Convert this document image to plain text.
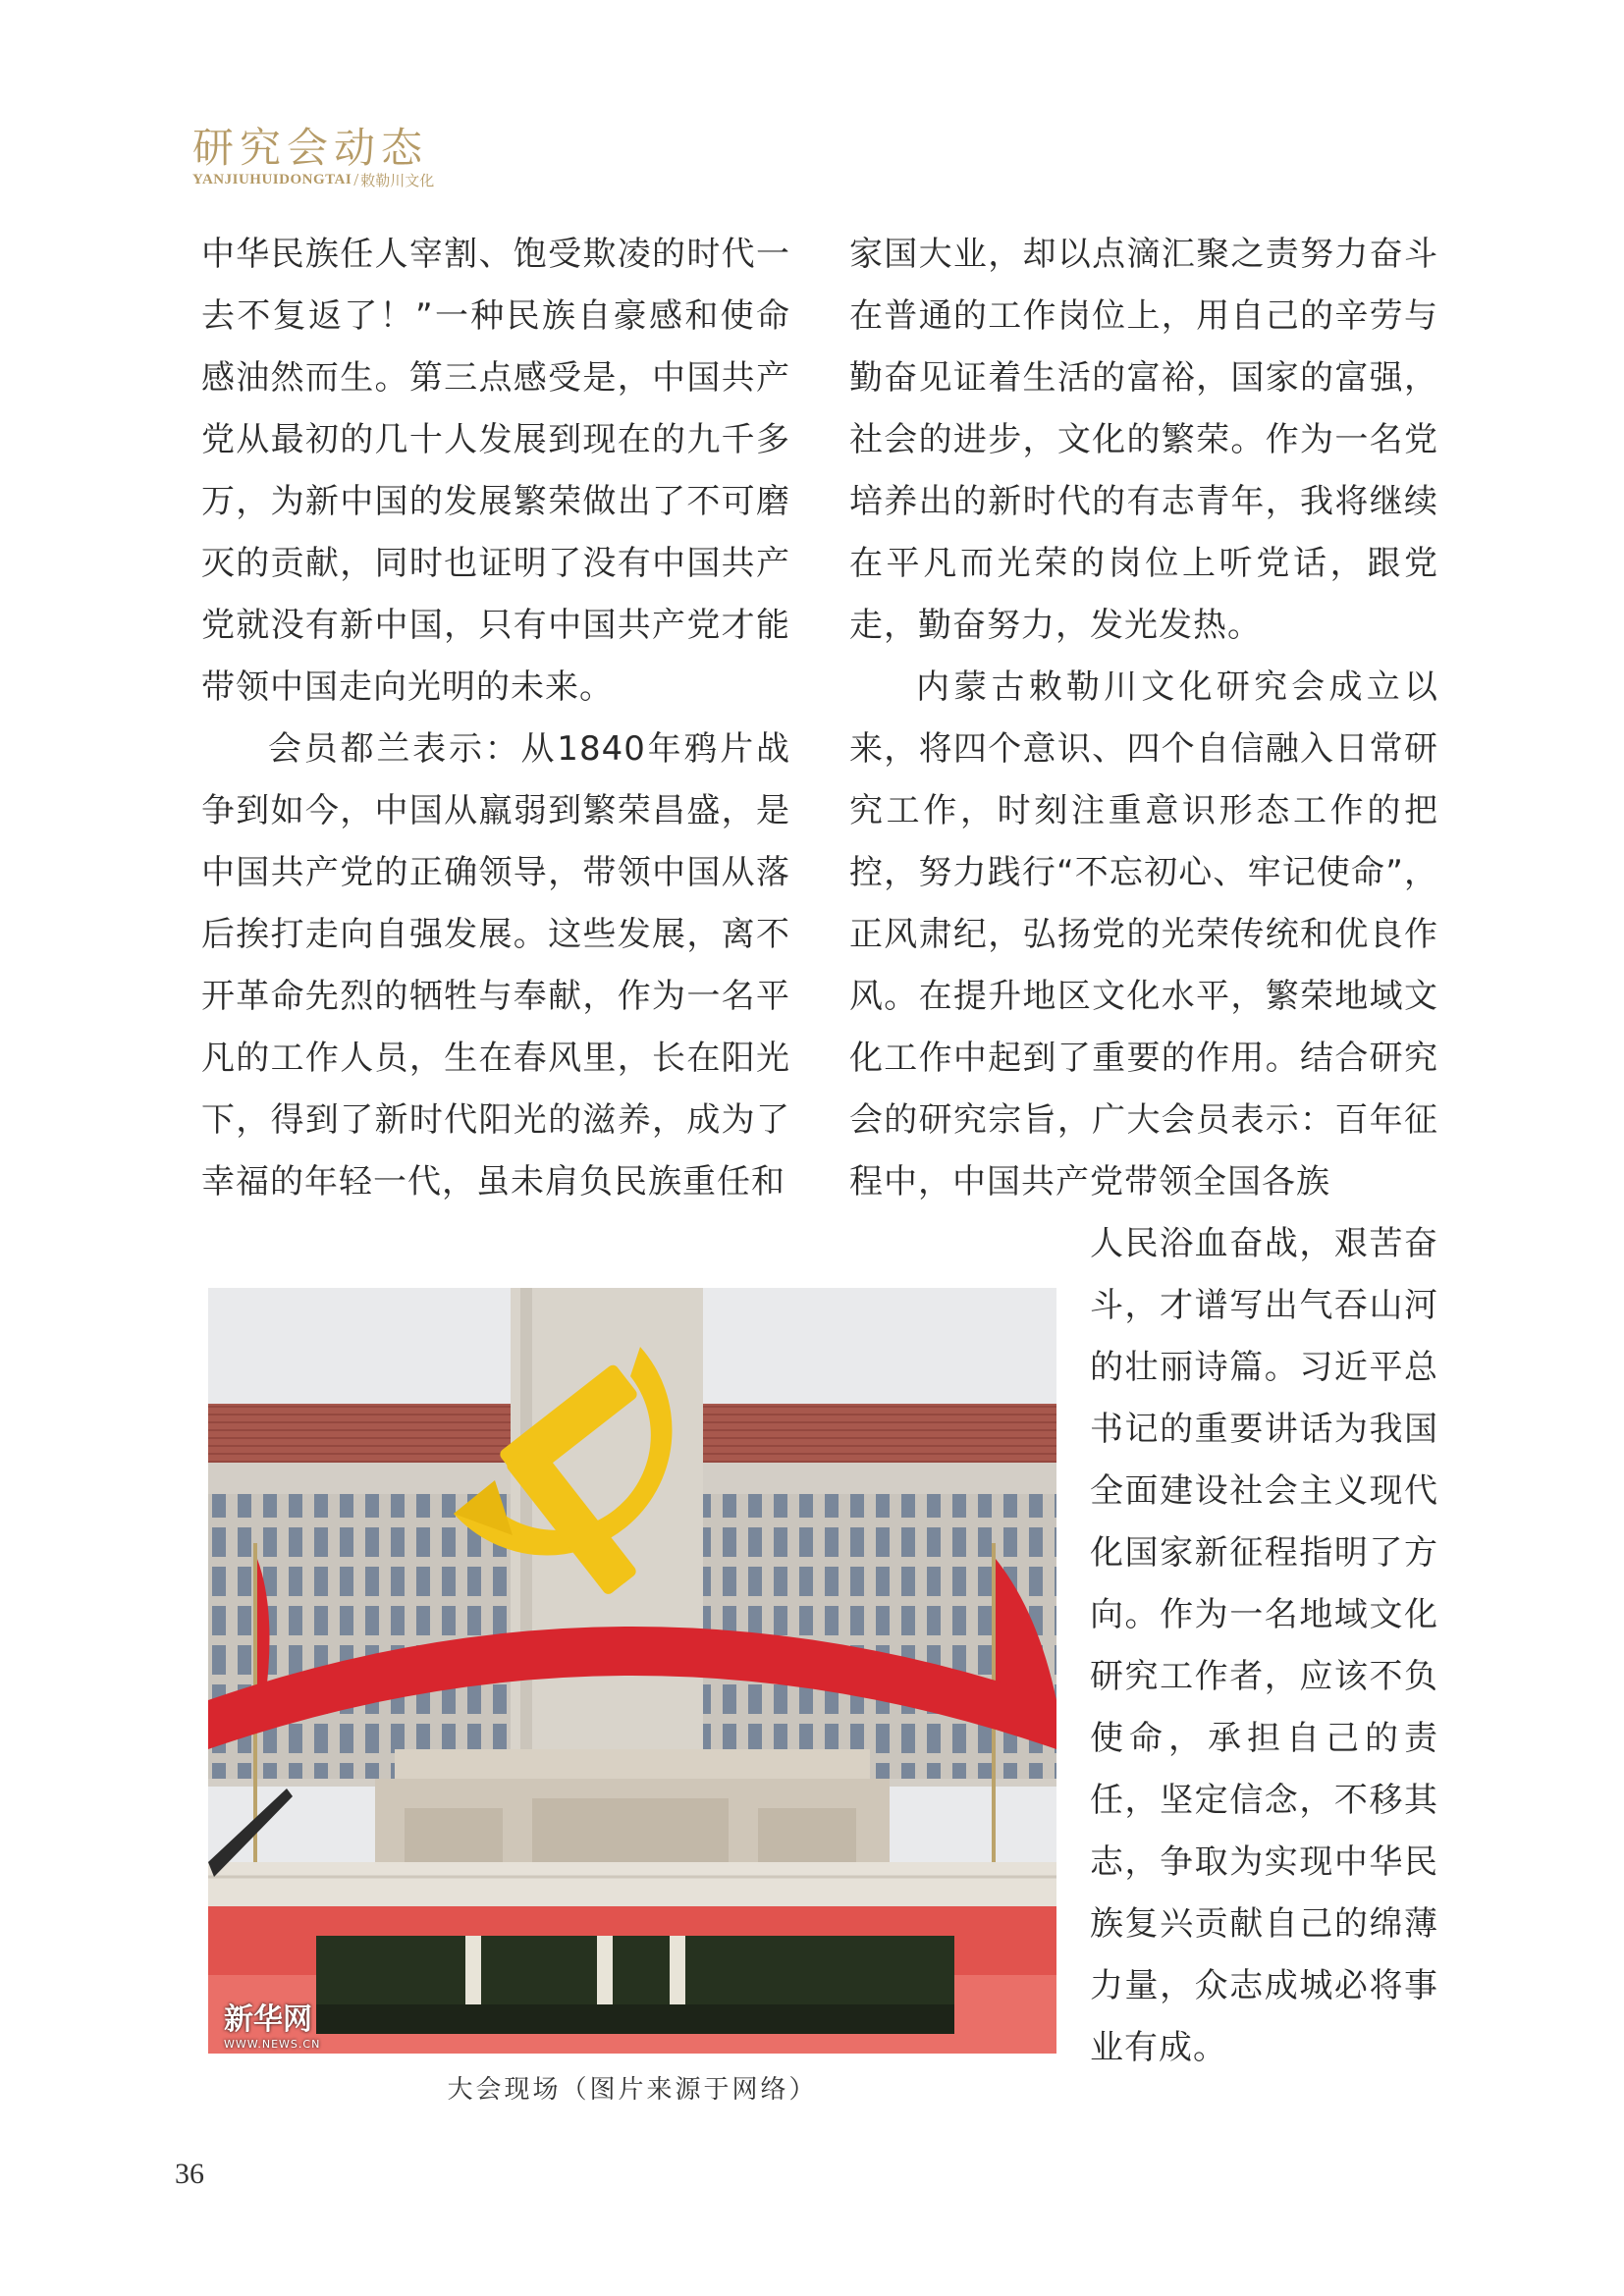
研究会动态
YANJIUHUIDONGTAI / 敕勒川文化

中华民族任人宰割、饱受欺凌的时代一去不复返了！”一种民族自豪感和使命感油然而生。第三点感受是，中国共产党从最初的几十人发展到现在的九千多万，为新中国的发展繁荣做出了不可磨灭的贡献，同时也证明了没有中国共产党就没有新中国，只有中国共产党才能带领中国走向光明的未来。

会员都兰表示：从1840年鸦片战争到如今，中国从羸弱到繁荣昌盛，是中国共产党的正确领导，带领中国从落后挨打走向自强发展。这些发展，离不开革命先烈的牺牲与奉献，作为一名平凡的工作人员，生在春风里，长在阳光下，得到了新时代阳光的滋养，成为了幸福的年轻一代，虽未肩负民族重任和

家国大业，却以点滴汇聚之责努力奋斗在普通的工作岗位上，用自己的辛劳与勤奋见证着生活的富裕，国家的富强，社会的进步，文化的繁荣。作为一名党培养出的新时代的有志青年，我将继续在平凡而光荣的岗位上听党话，跟党走，勤奋努力，发光发热。

内蒙古敕勒川文化研究会成立以来，将四个意识、四个自信融入日常研究工作，时刻注重意识形态工作的把控，努力践行“不忘初心、牢记使命”，正风肃纪，弘扬党的光荣传统和优良作风。在提升地区文化水平，繁荣地域文化工作中起到了重要的作用。结合研究会的研究宗旨，广大会员表示：百年征程中，中国共产党带领全国各族

人民浴血奋战，艰苦奋斗，才谱写出气吞山河的壮丽诗篇。习近平总书记的重要讲话为我国全面建设社会主义现代化国家新征程指明了方向。作为一名地域文化研究工作者，应该不负使命，承担自己的责任，坚定信念，不移其志，争取为实现中华民族复兴贡献自己的绵薄力量，众志成城必将事业有成。

新华网
WWW.NEWS.CN
大会现场（图片来源于网络）
36
